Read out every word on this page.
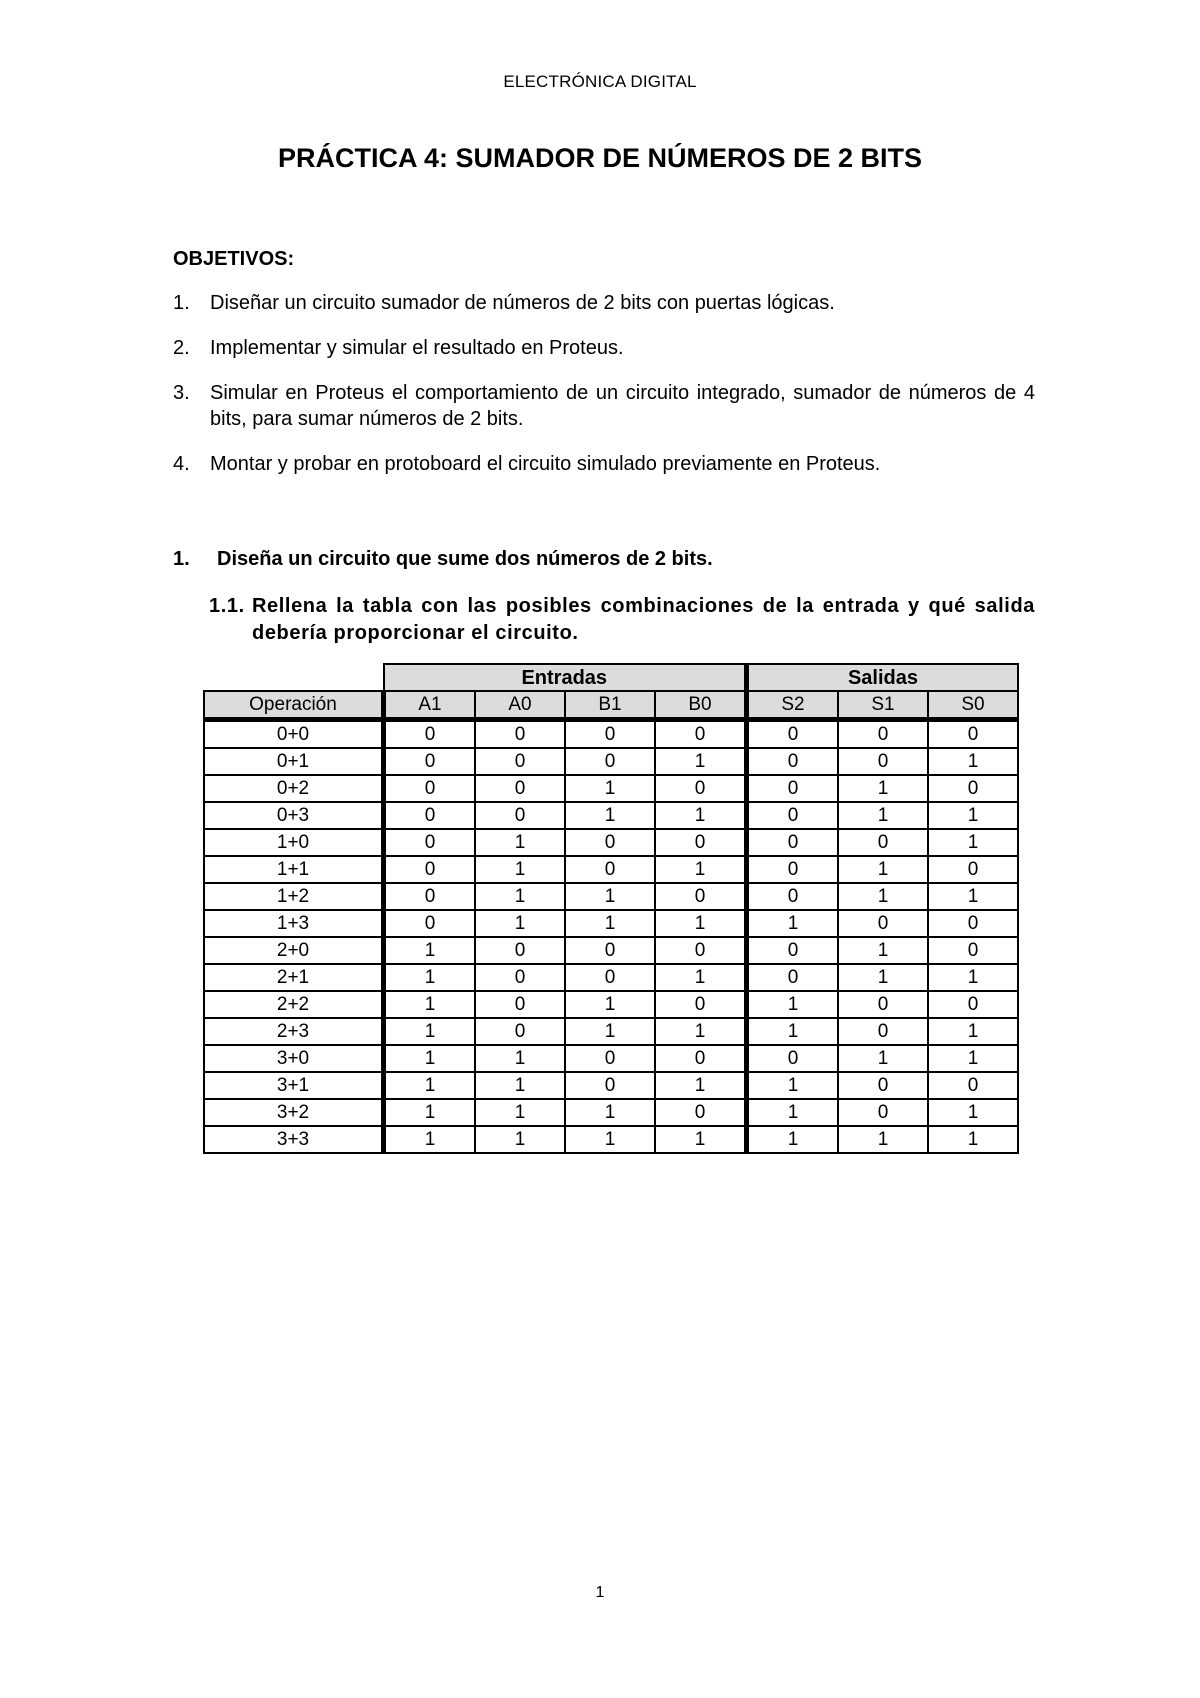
ELECTRÓNICA DIGITAL
PRÁCTICA 4: SUMADOR DE NÚMEROS DE 2 BITS
OBJETIVOS:
1. Diseñar un circuito sumador de números de 2 bits con puertas lógicas.
2. Implementar y simular el resultado en Proteus.
3. Simular en Proteus el comportamiento de un circuito integrado, sumador de números de 4 bits, para sumar números de 2 bits.
4. Montar y probar en protoboard el circuito simulado previamente en Proteus.
1. Diseña un circuito que sume dos números de 2 bits.
1.1. Rellena la tabla con las posibles combinaciones de la entrada y qué salida debería proporcionar el circuito.
	Entradas				Salidas		
Operación	A1	A0	B1	B0	S2	S1	S0
0+0	0	0	0	0	0	0	0
0+1	0	0	0	1	0	0	1
0+2	0	0	1	0	0	1	0
0+3	0	0	1	1	0	1	1
1+0	0	1	0	0	0	0	1
1+1	0	1	0	1	0	1	0
1+2	0	1	1	0	0	1	1
1+3	0	1	1	1	1	0	0
2+0	1	0	0	0	0	1	0
2+1	1	0	0	1	0	1	1
2+2	1	0	1	0	1	0	0
2+3	1	0	1	1	1	0	1
3+0	1	1	0	0	0	1	1
3+1	1	1	0	1	1	0	0
3+2	1	1	1	0	1	0	1
3+3	1	1	1	1	1	1	1
1
